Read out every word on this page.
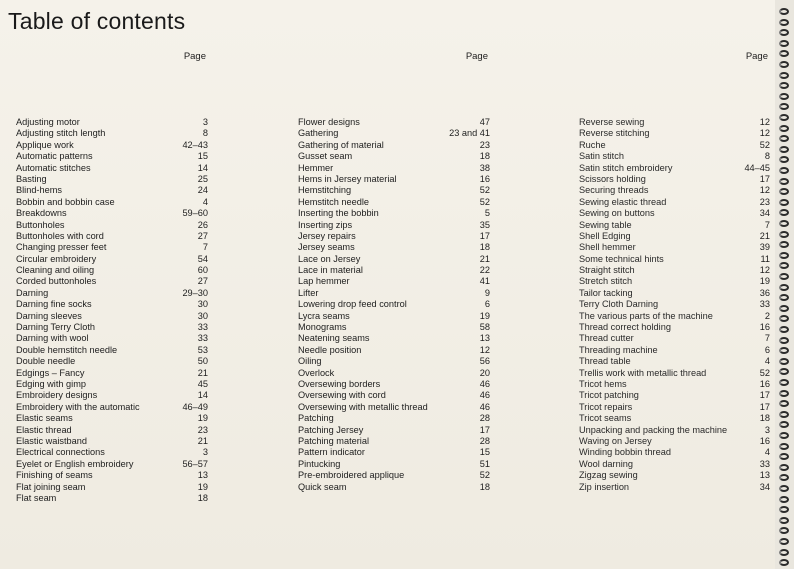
Table of contents
Page
Adjusting motor	3
Adjusting stitch length	8
Applique work	42–43
Automatic patterns	15
Automatic stitches	14
Basting	25
Blind-hems	24
Bobbin and bobbin case	4
Breakdowns	59–60
Buttonholes	26
Buttonholes with cord	27
Changing presser feet	7
Circular embroidery	54
Cleaning and oiling	60
Corded buttonholes	27
Darning	29–30
Darning fine socks	30
Darning sleeves	30
Darning Terry Cloth	33
Darning with wool	33
Double hemstitch needle	53
Double needle	50
Edgings – Fancy	21
Edging with gimp	45
Embroidery designs	14
Embroidery with the automatic	46–49
Elastic seams	19
Elastic thread	23
Elastic waistband	21
Electrical connections	3
Eyelet or English embroidery	56–57
Finishing of seams	13
Flat joining seam	19
Flat seam	18
Page
Flower designs	47
Gathering	23 and 41
Gathering of material	23
Gusset seam	18
Hemmer	38
Hems in Jersey material	16
Hemstitching	52
Hemstitch needle	52
Inserting the bobbin	5
Inserting zips	35
Jersey repairs	17
Jersey seams	18
Lace on Jersey	21
Lace in material	22
Lap hemmer	41
Lifter	9
Lowering drop feed control	6
Lycra seams	19
Monograms	58
Neatening seams	13
Needle position	12
Oiling	56
Overlock	20
Oversewing borders	46
Oversewing with cord	46
Oversewing with metallic thread	46
Patching	28
Patching Jersey	17
Patching material	28
Pattern indicator	15
Pintucking	51
Pre-embroidered applique	52
Quick seam	18
Page
Reverse sewing	12
Reverse stitching	12
Ruche	52
Satin stitch	8
Satin stitch embroidery	44–45
Scissors holding	17
Securing threads	12
Sewing elastic thread	23
Sewing on buttons	34
Sewing table	7
Shell Edging	21
Shell hemmer	39
Some technical hints	11
Straight stitch	12
Stretch stitch	19
Tailor tacking	36
Terry Cloth Darning	33
The various parts of the machine	2
Thread correct holding	16
Thread cutter	7
Threading machine	6
Thread table	4
Trellis work with metallic thread	52
Tricot hems	16
Tricot patching	17
Tricot repairs	17
Tricot seams	18
Unpacking and packing the machine	3
Waving on Jersey	16
Winding bobbin thread	4
Wool darning	33
Zigzag sewing	13
Zip insertion	34
